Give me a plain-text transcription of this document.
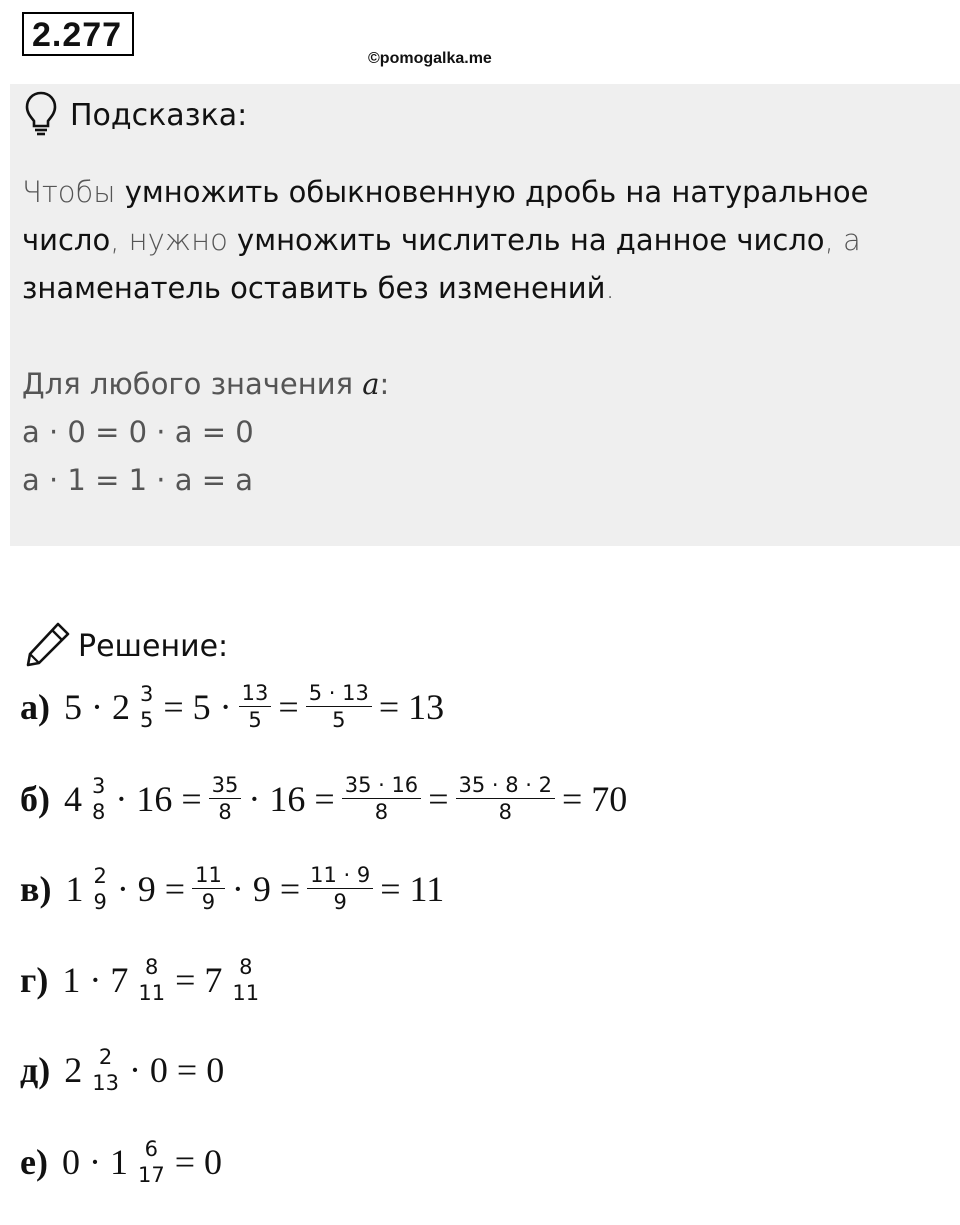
2.277
©pomogalka.me
Подсказка:
Чтобы умножить обыкновенную дробь на натуральное число, нужно умножить числитель на данное число, а знаменатель оставить без изменений.
Для любого значения a:
a · 0 = 0 · a = 0
a · 1 = 1 · a = a
Решение:
а) 5 · 2 3
$5 = 5 \cdot \frac{13}{5} = \frac{5 \cdot 13}{5} = 13$
б) 4 3
$8 \cdot 16 = \frac{35}{8} \cdot 16 = \frac{35 \cdot 16}{8} = \frac{35 \cdot 8 \cdot 2}{8} = 70$
в) 1 2
$9 \cdot 9 = \frac{11}{9} \cdot 9 = \frac{11 \cdot 9}{9} = 11$
г) 1 · 7 8
11 = 7 8
11
д) 2 2
13 · 0 = 0
е) 0 · 1 6
17 = 0
